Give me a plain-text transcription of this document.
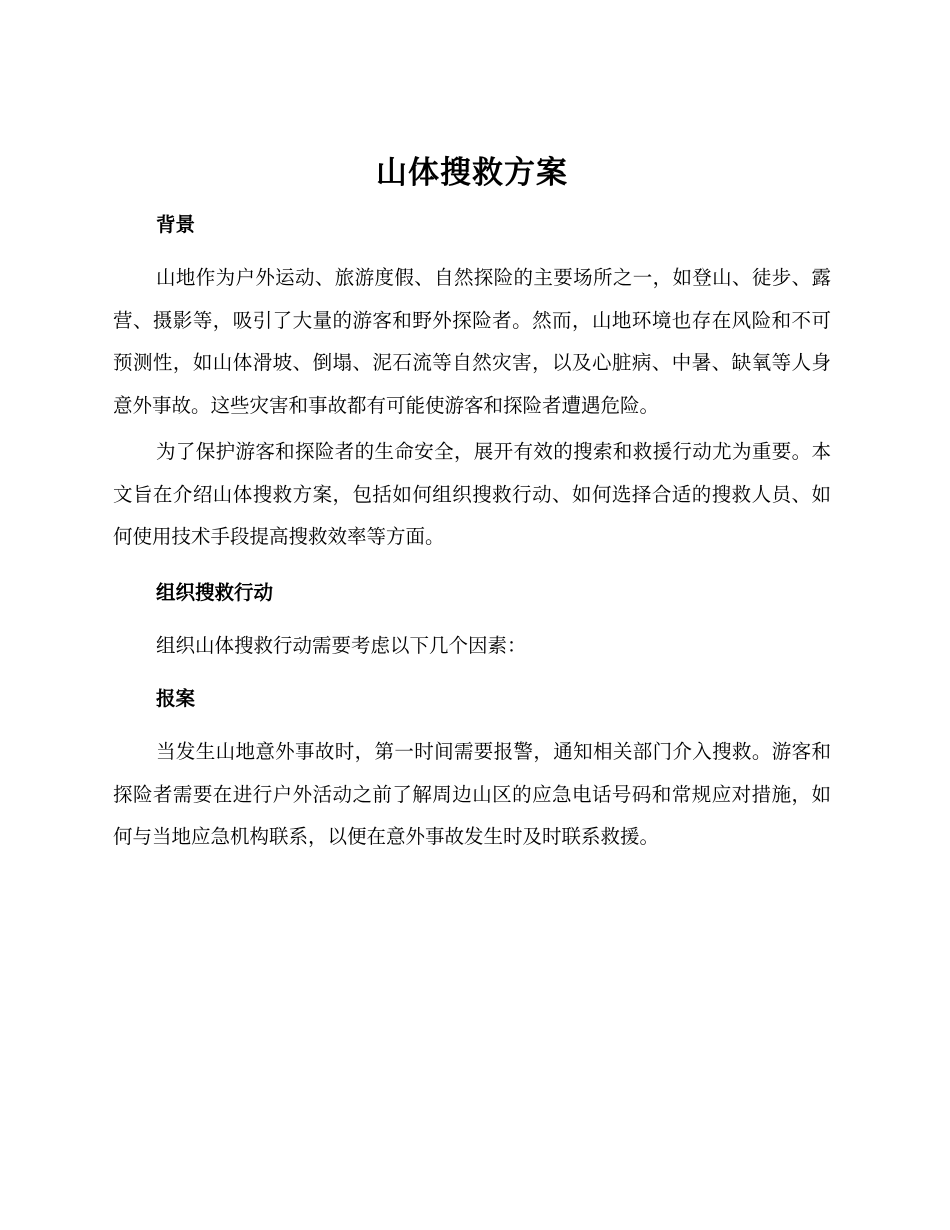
山体搜救方案
背景

山地作为户外运动、旅游度假、自然探险的主要场所之一，如登山、徒步、露营、摄影等，吸引了大量的游客和野外探险者。然而，山地环境也存在风险和不可预测性，如山体滑坡、倒塌、泥石流等自然灾害，以及心脏病、中暑、缺氧等人身意外事故。这些灾害和事故都有可能使游客和探险者遭遇危险。

为了保护游客和探险者的生命安全，展开有效的搜索和救援行动尤为重要。本文旨在介绍山体搜救方案，包括如何组织搜救行动、如何选择合适的搜救人员、如何使用技术手段提高搜救效率等方面。

组织搜救行动

组织山体搜救行动需要考虑以下几个因素：

报案

当发生山地意外事故时，第一时间需要报警，通知相关部门介入搜救。游客和探险者需要在进行户外活动之前了解周边山区的应急电话号码和常规应对措施，如何与当地应急机构联系，以便在意外事故发生时及时联系救援。
